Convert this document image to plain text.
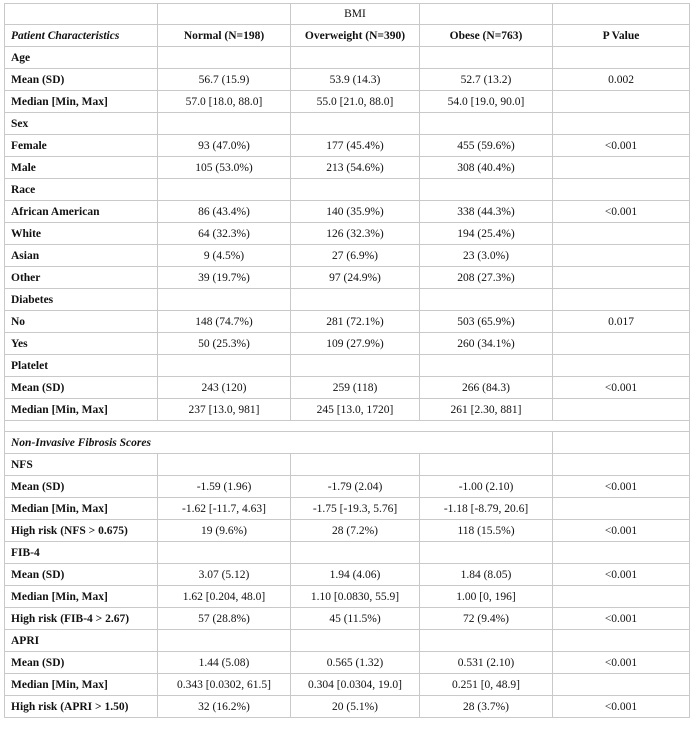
		BMI		
Patient Characteristics	Normal (N=198)	Overweight (N=390)	Obese (N=763)	P Value
Age				
Mean (SD)	56.7 (15.9)	53.9 (14.3)	52.7 (13.2)	0.002
Median [Min, Max]	57.0 [18.0, 88.0]	55.0 [21.0, 88.0]	54.0 [19.0, 90.0]	
Sex				
Female	93 (47.0%)	177 (45.4%)	455 (59.6%)	<0.001
Male	105 (53.0%)	213 (54.6%)	308 (40.4%)	
Race				
African American	86 (43.4%)	140 (35.9%)	338 (44.3%)	<0.001
White	64 (32.3%)	126 (32.3%)	194 (25.4%)	
Asian	9 (4.5%)	27 (6.9%)	23 (3.0%)	
Other	39 (19.7%)	97 (24.9%)	208 (27.3%)	
Diabetes				
No	148 (74.7%)	281 (72.1%)	503 (65.9%)	0.017
Yes	50 (25.3%)	109 (27.9%)	260 (34.1%)	
Platelet				
Mean (SD)	243 (120)	259 (118)	266 (84.3)	<0.001
Median [Min, Max]	237 [13.0, 981]	245 [13.0, 1720]	261 [2.30, 881]	

Non-Invasive Fibrosis Scores				
NFS				
Mean (SD)	-1.59 (1.96)	-1.79 (2.04)	-1.00 (2.10)	<0.001
Median [Min, Max]	-1.62 [-11.7, 4.63]	-1.75 [-19.3, 5.76]	-1.18 [-8.79, 20.6]	
High risk (NFS > 0.675)	19 (9.6%)	28 (7.2%)	118 (15.5%)	<0.001
FIB-4				
Mean (SD)	3.07 (5.12)	1.94 (4.06)	1.84 (8.05)	<0.001
Median [Min, Max]	1.62 [0.204, 48.0]	1.10 [0.0830, 55.9]	1.00 [0, 196]	
High risk (FIB-4 > 2.67)	57 (28.8%)	45 (11.5%)	72 (9.4%)	<0.001
APRI				
Mean (SD)	1.44 (5.08)	0.565 (1.32)	0.531 (2.10)	<0.001
Median [Min, Max]	0.343 [0.0302, 61.5]	0.304 [0.0304, 19.0]	0.251 [0, 48.9]	
High risk (APRI > 1.50)	32 (16.2%)	20 (5.1%)	28 (3.7%)	<0.001
